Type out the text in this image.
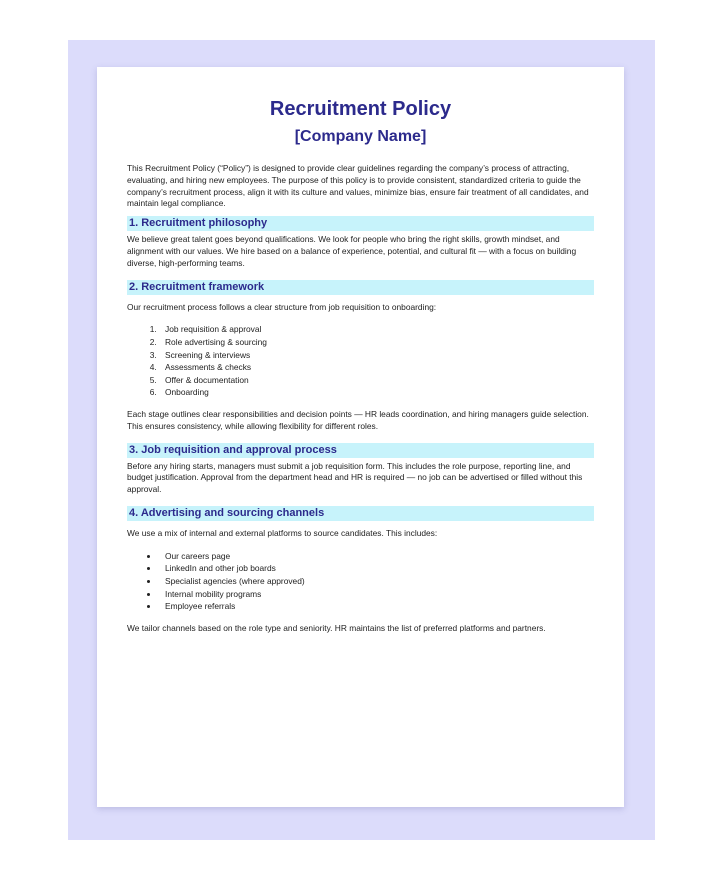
Recruitment Policy
[Company Name]

This Recruitment Policy (“Policy”) is designed to provide clear guidelines regarding the company’s process of attracting, evaluating, and hiring new employees. The purpose of this policy is to provide consistent, standardized criteria to guide the company’s recruitment process, align it with its culture and values, minimize bias, ensure fair treatment of all candidates, and maintain legal compliance.

1. Recruitment philosophy

We believe great talent goes beyond qualifications. We look for people who bring the right skills, growth mindset, and alignment with our values. We hire based on a balance of experience, potential, and cultural fit — with a focus on building diverse, high-performing teams.

2. Recruitment framework

Our recruitment process follows a clear structure from job requisition to onboarding:

1. Job requisition & approval
2. Role advertising & sourcing
3. Screening & interviews
4. Assessments & checks
5. Offer & documentation
6. Onboarding

Each stage outlines clear responsibilities and decision points — HR leads coordination, and hiring managers guide selection. This ensures consistency, while allowing flexibility for different roles.

3. Job requisition and approval process

Before any hiring starts, managers must submit a job requisition form. This includes the role purpose, reporting line, and budget justification. Approval from the department head and HR is required — no job can be advertised or filled without this approval.

4. Advertising and sourcing channels

We use a mix of internal and external platforms to source candidates. This includes:

• Our careers page
• LinkedIn and other job boards
• Specialist agencies (where approved)
• Internal mobility programs
• Employee referrals

We tailor channels based on the role type and seniority. HR maintains the list of preferred platforms and partners.
